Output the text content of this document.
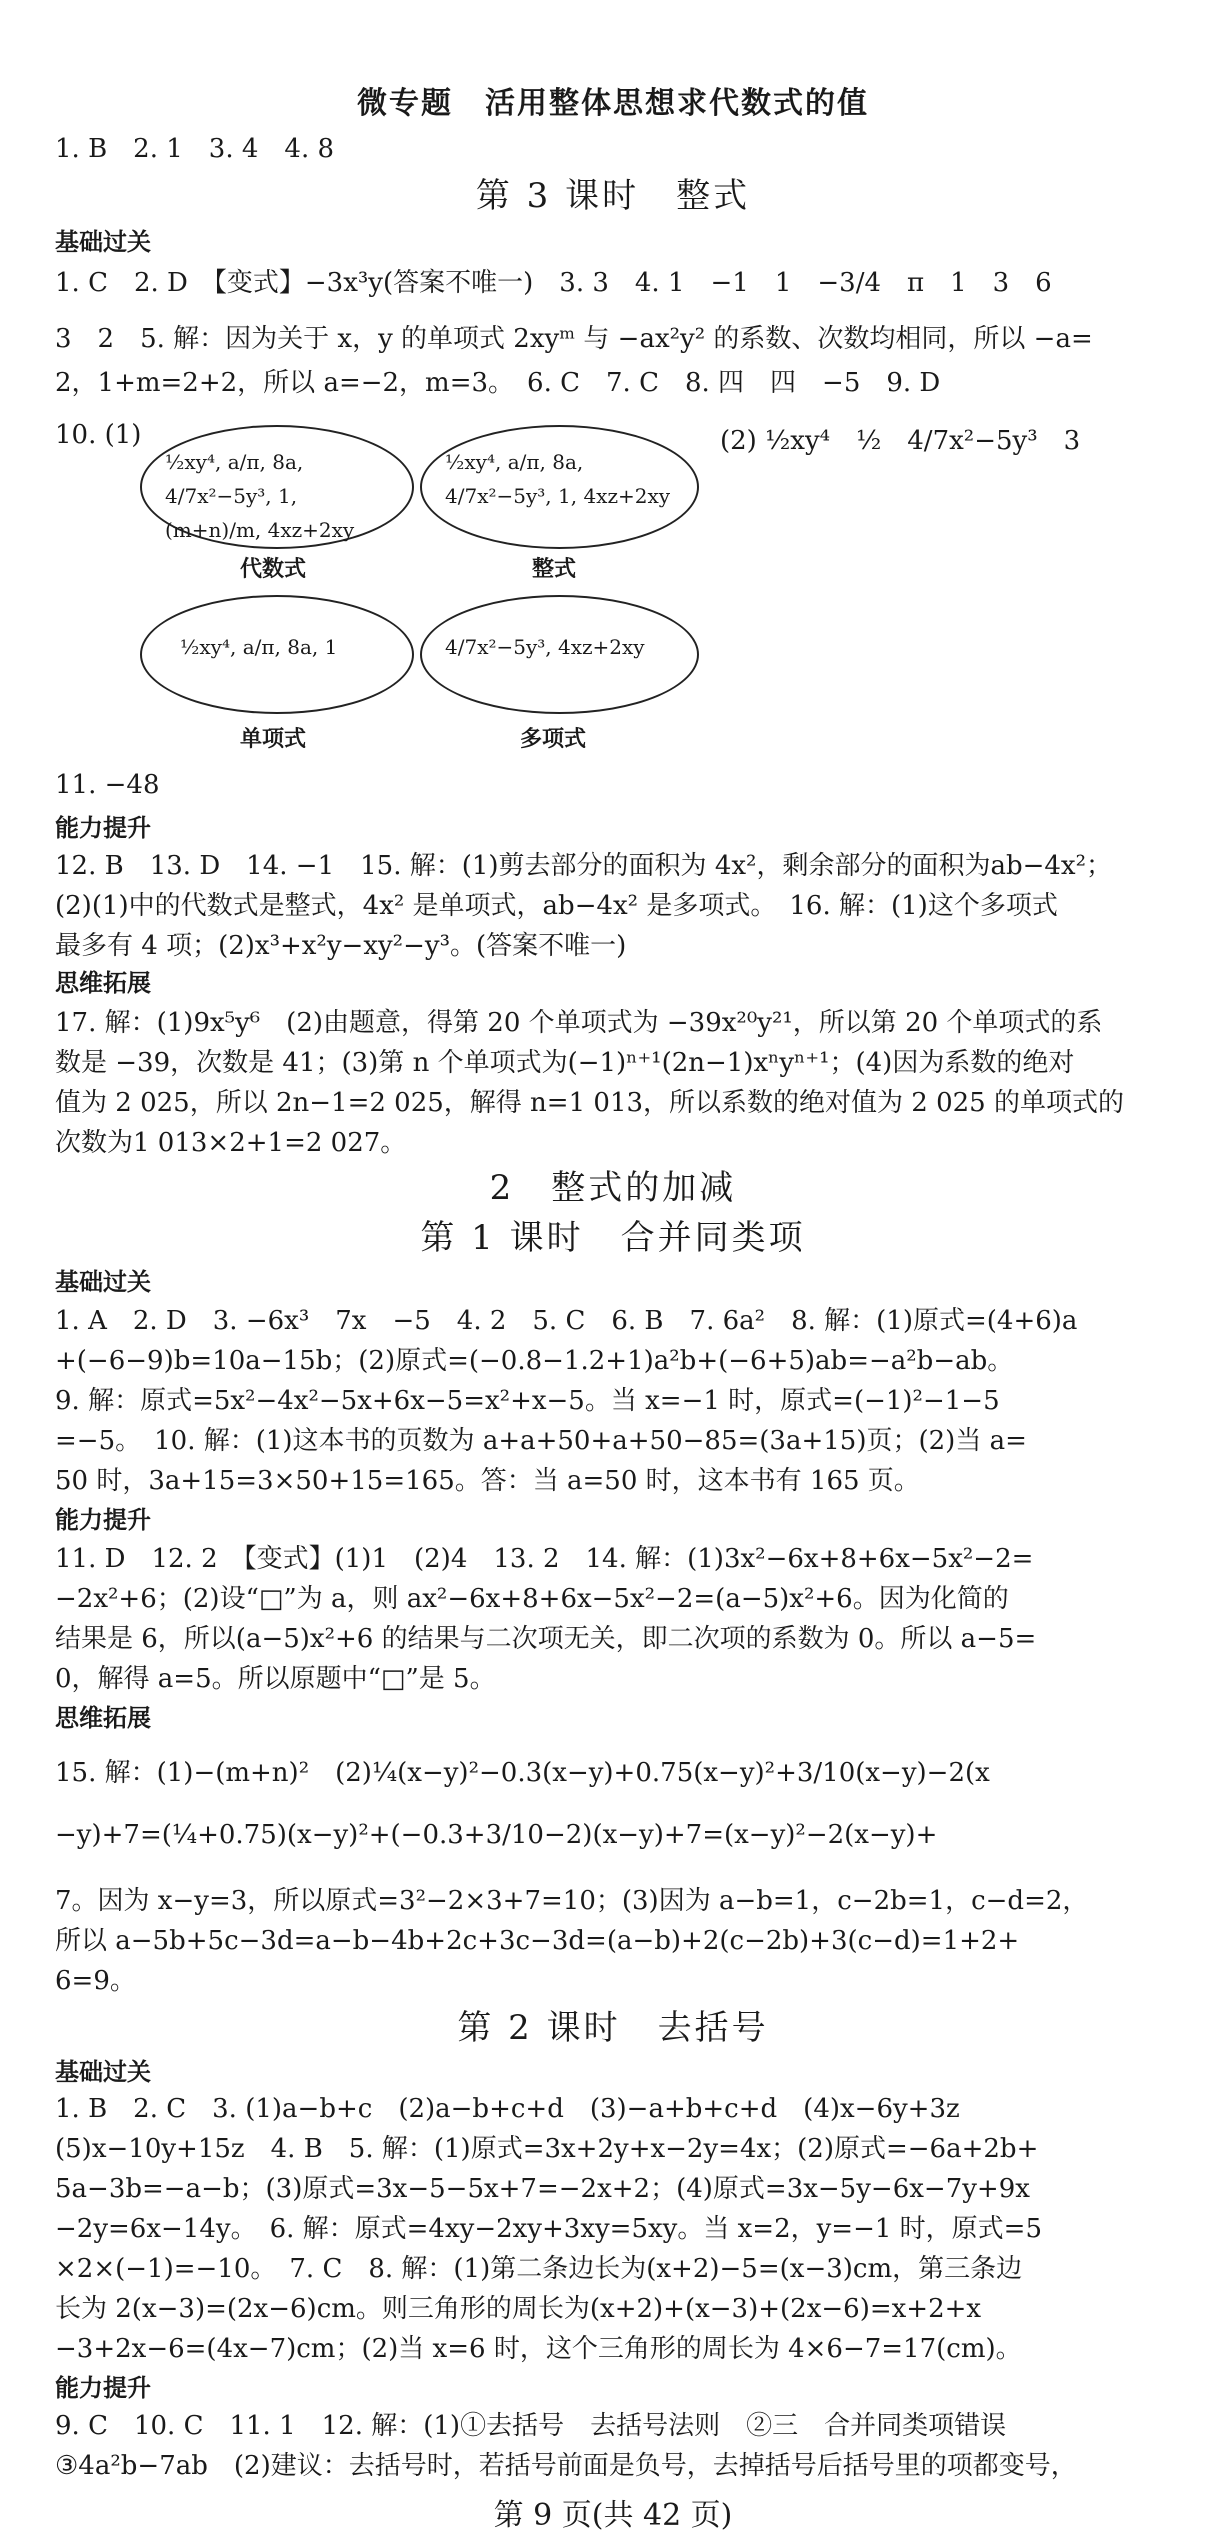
微专题　活用整体思想求代数式的值
1. B　2. 1　3. 4　4. 8
第 3 课时　整式
基础过关
1. C　2. D　【变式】−3x³y(答案不唯一)　3. 3　4. 1　−1　1　−3/4　π　1　3　6
3　2　5. 解：因为关于 x，y 的单项式 2xyᵐ 与 −ax²y² 的系数、次数均相同，所以 −a=
2，1+m=2+2，所以 a=−2，m=3。　6. C　7. C　8. 四　四　−5　9. D
10. (1)	(2) ½xy⁴　½　4/7x²−5y³　3
½xy⁴, a/π, 8a, 4/7x²−5y³, 1, (m+n)/m, 4xz+2xy
代数式
½xy⁴, a/π, 8a, 4/7x²−5y³, 1, 4xz+2xy
整式
½xy⁴, a/π, 8a, 1
单项式
4/7x²−5y³, 4xz+2xy
多项式
11. −48
能力提升
12. B　13. D　14. −1　15. 解：(1)剪去部分的面积为 4x²，剩余部分的面积为ab−4x²；
(2)(1)中的代数式是整式，4x² 是单项式，ab−4x² 是多项式。　16. 解：(1)这个多项式
最多有 4 项；(2)x³+x²y−xy²−y³。(答案不唯一)
思维拓展
17. 解：(1)9x⁵y⁶　(2)由题意，得第 20 个单项式为 −39x²⁰y²¹，所以第 20 个单项式的系
数是 −39，次数是 41；(3)第 n 个单项式为(−1)ⁿ⁺¹(2n−1)xⁿyⁿ⁺¹；(4)因为系数的绝对
值为 2 025，所以 2n−1=2 025，解得 n=1 013，所以系数的绝对值为 2 025 的单项式的
次数为1 013×2+1=2 027。
2　整式的加减
第 1 课时　合并同类项
基础过关
1. A　2. D　3. −6x³　7x　−5　4. 2　5. C　6. B　7. 6a²　8. 解：(1)原式=(4+6)a
+(−6−9)b=10a−15b；(2)原式=(−0.8−1.2+1)a²b+(−6+5)ab=−a²b−ab。
9. 解：原式=5x²−4x²−5x+6x−5=x²+x−5。当 x=−1 时，原式=(−1)²−1−5
=−5。　10. 解：(1)这本书的页数为 a+a+50+a+50−85=(3a+15)页；(2)当 a=
50 时，3a+15=3×50+15=165。答：当 a=50 时，这本书有 165 页。
能力提升
11. D　12. 2　【变式】(1)1　(2)4　13. 2　14. 解：(1)3x²−6x+8+6x−5x²−2=
−2x²+6；(2)设“□”为 a，则 ax²−6x+8+6x−5x²−2=(a−5)x²+6。因为化简的
结果是 6，所以(a−5)x²+6 的结果与二次项无关，即二次项的系数为 0。所以 a−5=
0，解得 a=5。所以原题中“□”是 5。
思维拓展
15. 解：(1)−(m+n)²　(2)¼(x−y)²−0.3(x−y)+0.75(x−y)²+3/10(x−y)−2(x
−y)+7=(¼+0.75)(x−y)²+(−0.3+3/10−2)(x−y)+7=(x−y)²−2(x−y)+
7。因为 x−y=3，所以原式=3²−2×3+7=10；(3)因为 a−b=1，c−2b=1，c−d=2，
所以 a−5b+5c−3d=a−b−4b+2c+3c−3d=(a−b)+2(c−2b)+3(c−d)=1+2+
6=9。
第 2 课时　去括号
基础过关
1. B　2. C　3. (1)a−b+c　(2)a−b+c+d　(3)−a+b+c+d　(4)x−6y+3z
(5)x−10y+15z　4. B　5. 解：(1)原式=3x+2y+x−2y=4x；(2)原式=−6a+2b+
5a−3b=−a−b；(3)原式=3x−5−5x+7=−2x+2；(4)原式=3x−5y−6x−7y+9x
−2y=6x−14y。　6. 解：原式=4xy−2xy+3xy=5xy。当 x=2，y=−1 时，原式=5
×2×(−1)=−10。　7. C　8. 解：(1)第二条边长为(x+2)−5=(x−3)cm，第三条边
长为 2(x−3)=(2x−6)cm。则三角形的周长为(x+2)+(x−3)+(2x−6)=x+2+x
−3+2x−6=(4x−7)cm；(2)当 x=6 时，这个三角形的周长为 4×6−7=17(cm)。
能力提升
9. C　10. C　11. 1　12. 解：(1)①去括号　去括号法则　②三　合并同类项错误
③4a²b−7ab　(2)建议：去括号时，若括号前面是负号，去掉括号后括号里的项都变号，
第 9 页(共 42 页)
